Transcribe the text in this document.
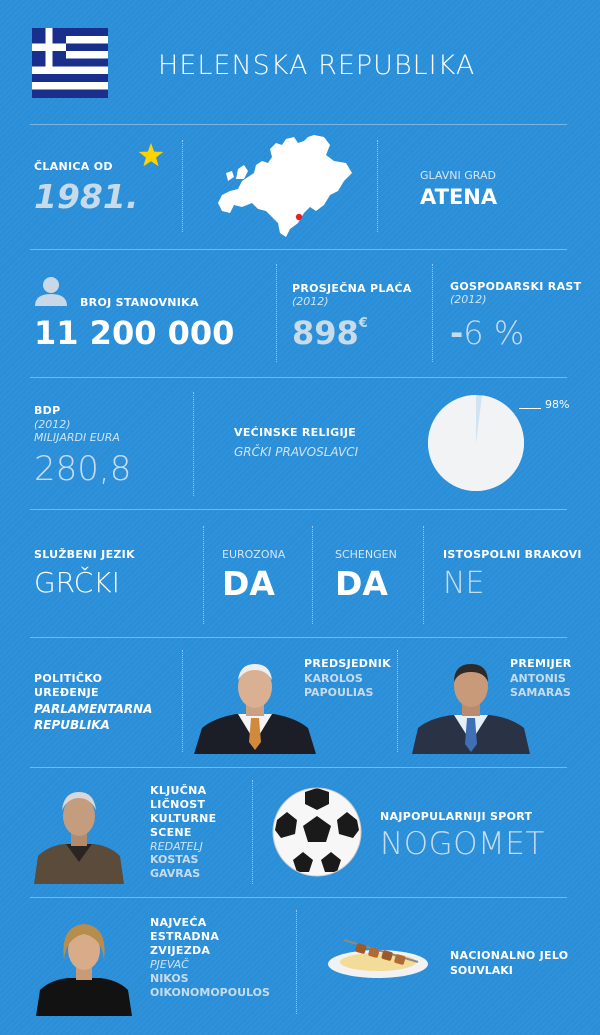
HELENSKA REPUBLIKA
ČLANICA OD
1981.
GLAVNI GRAD
ATENA
BROJ STANOVNIKA
11 200 000
PROSJEČNA PLAĆA
(2012)
898€
GOSPODARSKI RAST
(2012)
-6 %
BDP
(2012)
MILIJARDI EURA
280,8
VEĆINSKE RELIGIJE
GRČKI PRAVOSLAVCI
98%
SLUŽBENI JEZIK
GRČKI
EUROZONA
DA
SCHENGEN
DA
ISTOSPOLNI BRAKOVI
NE
POLITIČKO
UREĐENJE
PARLAMENTARNA
REPUBLIKA
PREDSJEDNIK
KAROLOS
PAPOULIAS
PREMIJER
ANTONIS
SAMARAS
KLJUČNA
LIČNOST
KULTURNE
SCENE
REDATELJ
KOSTAS
GAVRAS
NAJPOPULARNIJI SPORT
NOGOMET
NAJVEĆA
ESTRADNA
ZVIJEZDA
PJEVAČ
NIKOS
OIKONOMOPOULOS
NACIONALNO JELO
SOUVLAKI
